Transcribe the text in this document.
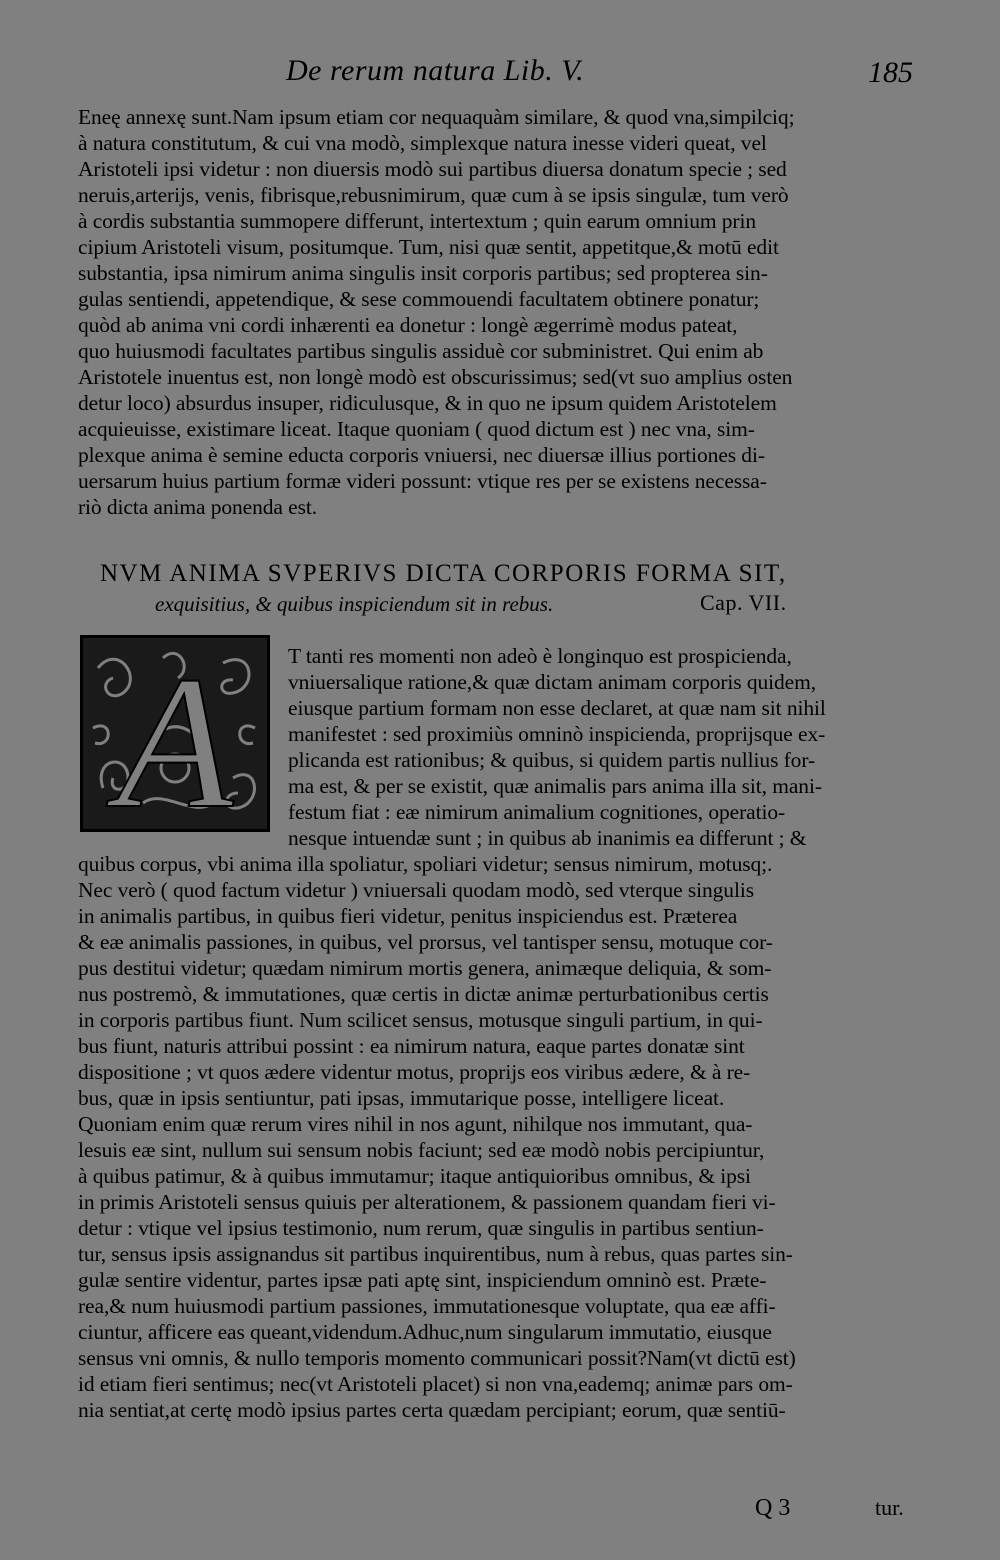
De rerum natura Lib. V.	185
Eneę annexę sunt.Nam ipsum etiam cor nequaquàm similare, & quod vna,simpilciq;
à natura constitutum, & cui vna modò, simplexque natura inesse videri queat, vel
Aristoteli ipsi videtur : non diuersis modò sui partibus diuersa donatum specie ; sed
neruis,arterijs, venis, fibrisque,rebusnimirum, quæ cum à se ipsis singulæ, tum verò
à cordis substantia summopere differunt, intertextum ; quin earum omnium prin
cipium Aristoteli visum, positumque. Tum, nisi quæ sentit, appetitque,& motū edit
substantia, ipsa nimirum anima singulis insit corporis partibus; sed propterea sin-
gulas sentiendi, appetendique, & sese commouendi facultatem obtinere ponatur;
quòd ab anima vni cordi inhærenti ea donetur : longè ægerrimè modus pateat,
quo huiusmodi facultates partibus singulis assiduè cor subministret. Qui enim ab
Aristotele inuentus est, non longè modò est obscurissimus; sed(vt suo amplius osten
detur loco) absurdus insuper, ridiculusque, & in quo ne ipsum quidem Aristotelem
acquieuisse, existimare liceat. Itaque quoniam ( quod dictum est ) nec vna, sim-
plexque anima è semine educta corporis vniuersi, nec diuersæ illius portiones di-
uersarum huius partium formæ videri possunt: vtique res per se existens necessa-
riò dicta anima ponenda est.
NVM ANIMA SVPERIVS DICTA CORPORIS FORMA SIT,
exquisitius, & quibus inspiciendum sit in rebus.	Cap. VII.
A	T tanti res momenti non adeò è longinquo est prospicienda,
vniuersalique ratione,& quæ dictam animam corporis quidem,
eiusque partium formam non esse declaret, at quæ nam sit nihil
manifestet : sed proximiùs omninò inspicienda, proprijsque ex-
plicanda est rationibus; & quibus, si quidem partis nullius for-
ma est, & per se existit, quæ animalis pars anima illa sit, mani-
festum fiat : eæ nimirum animalium cognitiones, operatio-
nesque intuendæ sunt ; in quibus ab inanimis ea differunt ; &
quibus corpus, vbi anima illa spoliatur, spoliari videtur; sensus nimirum, motusq;.
Nec verò ( quod factum videtur ) vniuersali quodam modò, sed vterque singulis
in animalis partibus, in quibus fieri videtur, penitus inspiciendus est. Præterea
& eæ animalis passiones, in quibus, vel prorsus, vel tantisper sensu, motuque cor-
pus destitui videtur; quædam nimirum mortis genera, animæque deliquia, & som-
nus postremò, & immutationes, quæ certis in dictæ animæ perturbationibus certis
in corporis partibus fiunt. Num scilicet sensus, motusque singuli partium, in qui-
bus fiunt, naturis attribui possint : ea nimirum natura, eaque partes donatæ sint
dispositione ; vt quos ædere videntur motus, proprijs eos viribus ædere, & à re-
bus, quæ in ipsis sentiuntur, pati ipsas, immutarique posse, intelligere liceat.
Quoniam enim quæ rerum vires nihil in nos agunt, nihilque nos immutant, qua-
lesuis eæ sint, nullum sui sensum nobis faciunt; sed eæ modò nobis percipiuntur,
à quibus patimur, & à quibus immutamur; itaque antiquioribus omnibus, & ipsi
in primis Aristoteli sensus quiuis per alterationem, & passionem quandam fieri vi-
detur : vtique vel ipsius testimonio, num rerum, quæ singulis in partibus sentiun-
tur, sensus ipsis assignandus sit partibus inquirentibus, num à rebus, quas partes sin-
gulæ sentire videntur, partes ipsæ pati aptę sint, inspiciendum omninò est. Præte-
rea,& num huiusmodi partium passiones, immutationesque voluptate, qua eæ affi-
ciuntur, afficere eas queant,videndum.Adhuc,num singularum immutatio, eiusque
sensus vni omnis, & nullo temporis momento communicari possit?Nam(vt dictū est)
id etiam fieri sentimus; nec(vt Aristoteli placet) si non vna,eademq; animæ pars om-
nia sentiat,at certę modò ipsius partes certa quædam percipiant; eorum, quæ sentiū-
Q 3	tur.
